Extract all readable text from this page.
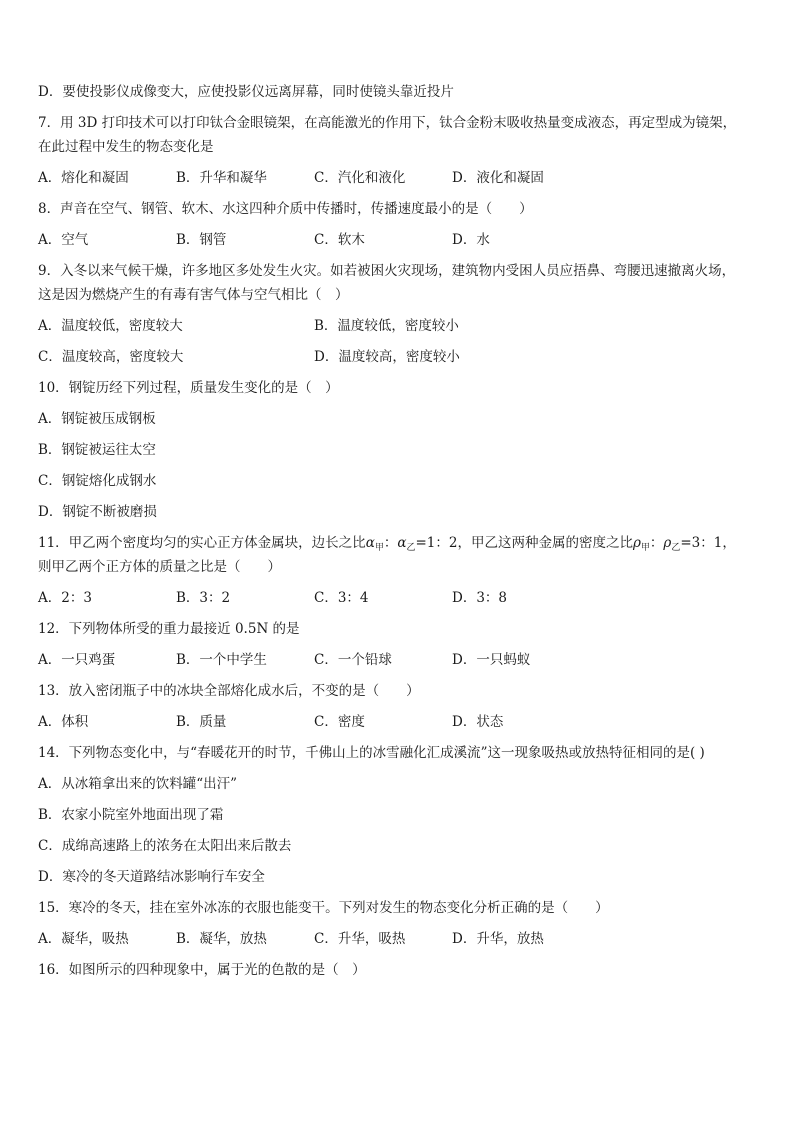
D．要使投影仪成像变大，应使投影仪远离屏幕，同时使镜头靠近投片
7．用 3D 打印技术可以打印钛合金眼镜架，在高能激光的作用下，钛合金粉末吸收热量变成液态，再定型成为镜架，
在此过程中发生的物态变化是
A．熔化和凝固	B．升华和凝华	C．汽化和液化	D．液化和凝固
8．声音在空气、钢管、软木、水这四种介质中传播时，传播速度最小的是（　　）
A．空气	B．钢管	C．软木	D．水
9．入冬以来气候干燥，许多地区多处发生火灾。如若被困火灾现场，建筑物内受困人员应捂鼻、弯腰迅速撤离火场，
这是因为燃烧产生的有毒有害气体与空气相比（　）
A．温度较低，密度较大	B．温度较低，密度较小
C．温度较高，密度较大	D．温度较高，密度较小
10．钢锭历经下列过程，质量发生变化的是（　）
A．钢锭被压成钢板
B．钢锭被运往太空
C．钢锭熔化成钢水
D．钢锭不断被磨损
11．甲乙两个密度均匀的实心正方体金属块，边长之比ɑ$_甲$：ɑ$_乙$=1：2，甲乙这两种金属的密度之比$\rho_甲$：$\rho_乙=3$：1，
则甲乙两个正方体的质量之比是（　　）
A．2：3	B．3：2	C．3：4	D．3：8
12．下列物体所受的重力最接近 0.5N 的是
A．一只鸡蛋	B．一个中学生	C．一个铅球	D．一只蚂蚁
13．放入密闭瓶子中的冰块全部熔化成水后，不变的是（　　）
A．体积	B．质量	C．密度	D．状态
14．下列物态变化中，与“春暖花开的时节，千佛山上的冰雪融化汇成溪流”这一现象吸热或放热特征相同的是( )
A．从冰箱拿出来的饮料罐“出汗”
B．农家小院室外地面出现了霜
C．成绵高速路上的浓务在太阳出来后散去
D．寒冷的冬天道路结冰影响行车安全
15．寒冷的冬天，挂在室外冰冻的衣服也能变干。下列对发生的物态变化分析正确的是（　　）
A．凝华，吸热	B．凝华，放热	C．升华，吸热	D．升华，放热
16．如图所示的四种现象中，属于光的色散的是（　）
